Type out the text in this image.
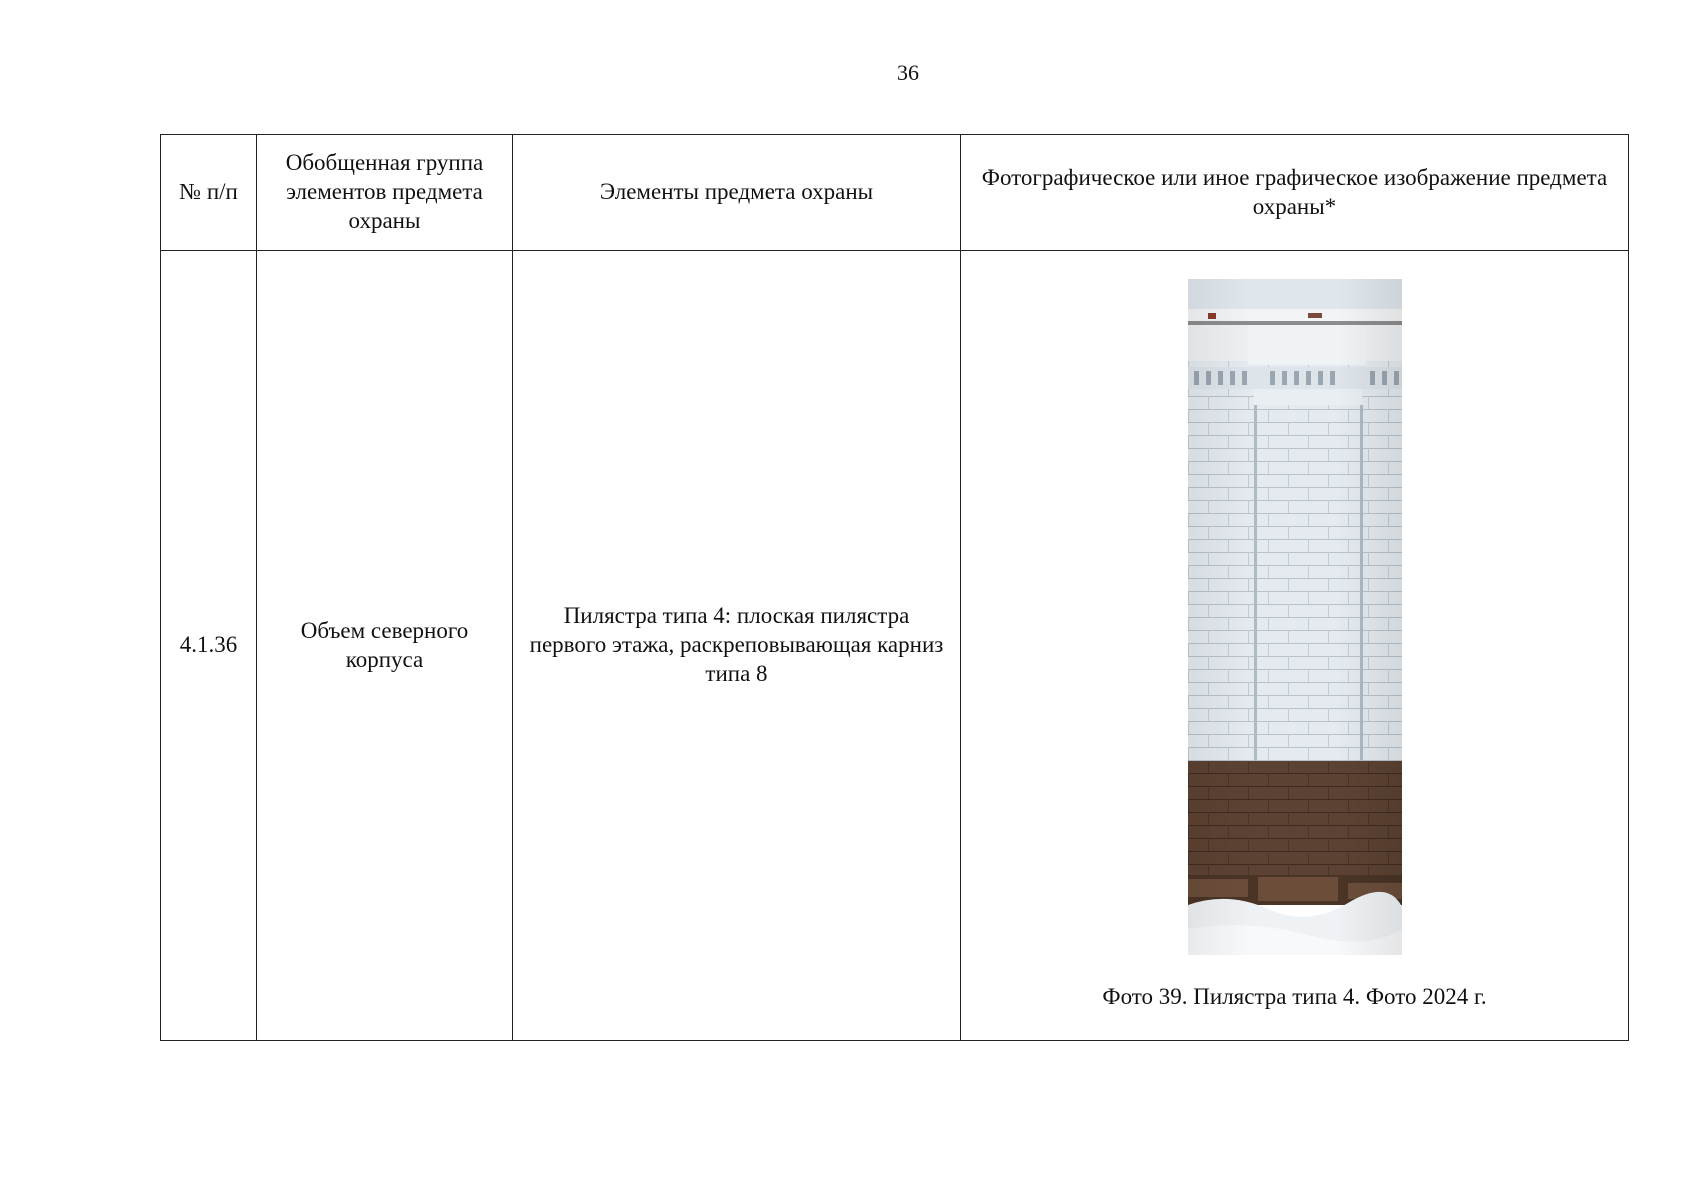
36
№ п/п	Обобщенная группа элементов предмета охраны	Элементы предмета охраны	Фотографическое или иное графическое изображение предмета охраны*
4.1.36	Объем северного корпуса	Пилястра типа 4: плоская пилястра первого этажа, раскреповывающая карниз типа 8	Фото 39. Пилястра типа 4. Фото 2024 г.
